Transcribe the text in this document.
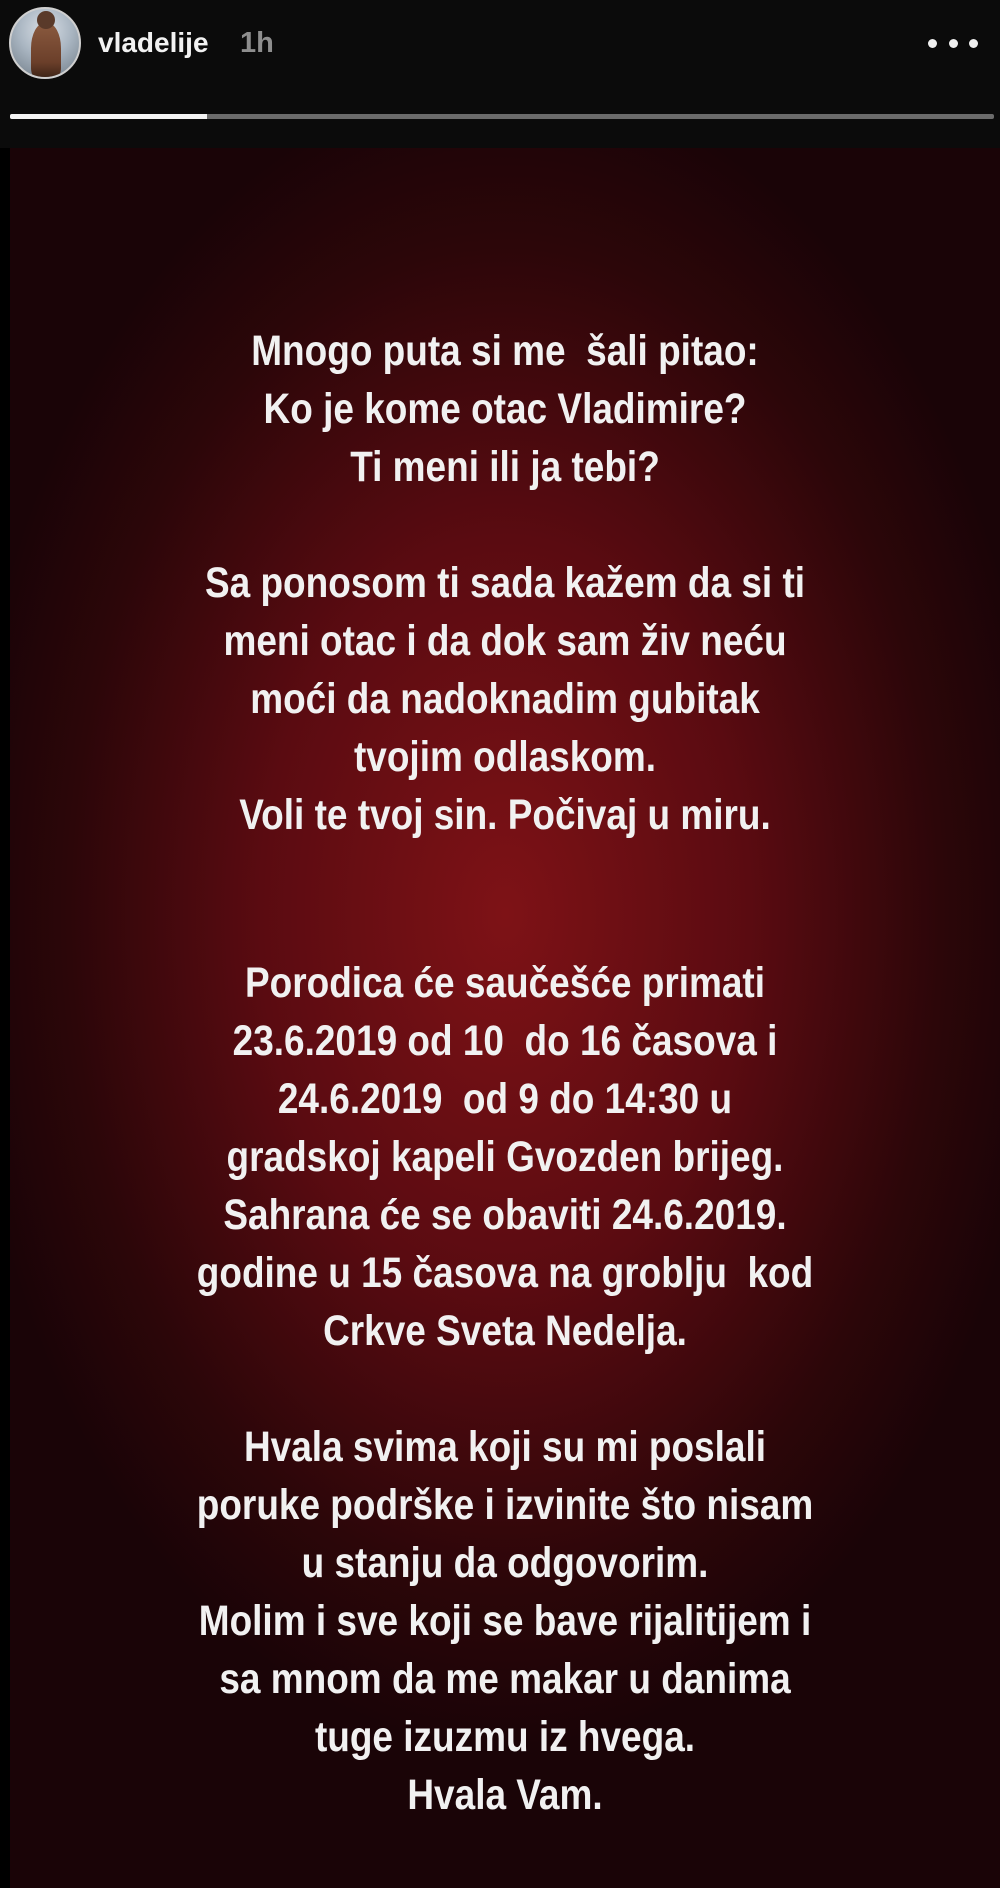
vladelije 1h

Mnogo puta si me  šali pitao:

Ko je kome otac Vladimire?

Ti meni ili ja tebi?

Sa ponosom ti sada kažem da si ti

meni otac i da dok sam živ neću

moći da nadoknadim gubitak

tvojim odlaskom.

Voli te tvoj sin. Počivaj u miru.

Porodica će saučešće primati

23.6.2019 od 10  do 16 časova i

24.6.2019  od 9 do 14:30 u

gradskoj kapeli Gvozden brijeg.

Sahrana će se obaviti 24.6.2019.

godine u 15 časova na groblju  kod

Crkve Sveta Nedelja.

Hvala svima koji su mi poslali

poruke podrške i izvinite što nisam

u stanju da odgovorim.

Molim i sve koji se bave rijalitijem i

sa mnom da me makar u danima

tuge izuzmu iz hvega.

Hvala Vam.
